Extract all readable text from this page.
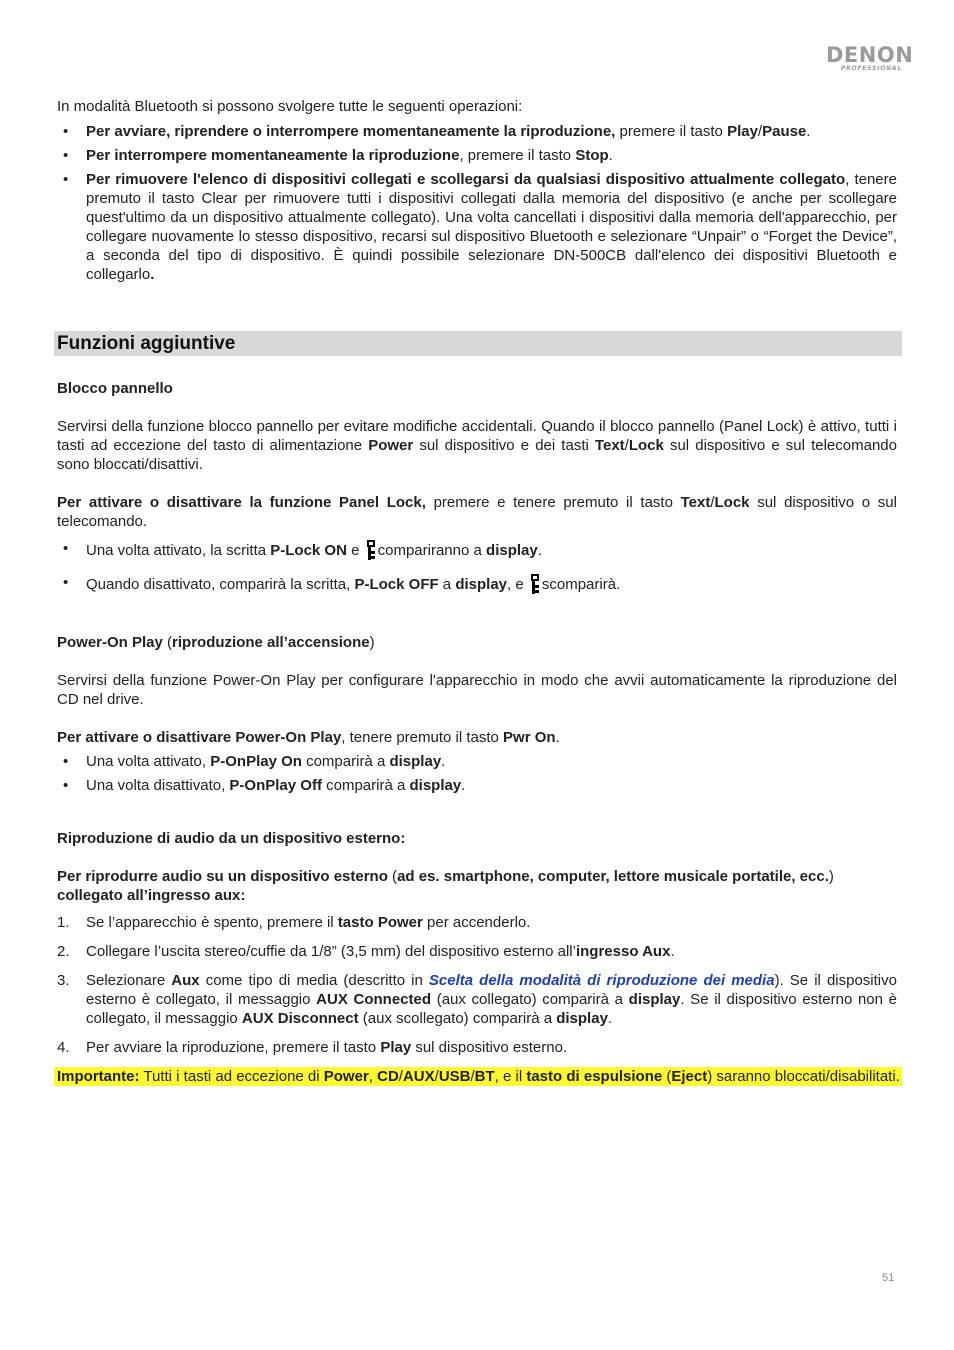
DENON
PROFESSIONAL

In modalità Bluetooth si possono svolgere tutte le seguenti operazioni:

• Per avviare, riprendere o interrompere momentaneamente la riproduzione, premere il tasto Play/Pause.
• Per interrompere momentaneamente la riproduzione, premere il tasto Stop.
• Per rimuovere l'elenco di dispositivi collegati e scollegarsi da qualsiasi dispositivo attualmente collegato, tenere premuto il tasto Clear per rimuovere tutti i dispositivi collegati dalla memoria del dispositivo (e anche per scollegare quest'ultimo da un dispositivo attualmente collegato). Una volta cancellati i dispositivi dalla memoria dell'apparecchio, per collegare nuovamente lo stesso dispositivo, recarsi sul dispositivo Bluetooth e selezionare “Unpair” o “Forget the Device”, a seconda del tipo di dispositivo. È quindi possibile selezionare DN-500CB dall'elenco dei dispositivi Bluetooth e collegarlo.
Funzioni aggiuntive

Blocco pannello

Servirsi della funzione blocco pannello per evitare modifiche accidentali. Quando il blocco pannello (Panel Lock) è attivo, tutti i tasti ad eccezione del tasto di alimentazione Power sul dispositivo e dei tasti Text/Lock sul dispositivo e sul telecomando sono bloccati/disattivi.

Per attivare o disattivare la funzione Panel Lock, premere e tenere premuto il tasto Text/Lock sul dispositivo o sul telecomando.

• Una volta attivato, la scritta P-Lock ON e compariranno a display.
• Quando disattivato, comparirà la scritta, P-Lock OFF a display, e scomparirà.

Power-On Play (riproduzione all’accensione)

Servirsi della funzione Power-On Play per configurare l'apparecchio in modo che avvii automaticamente la riproduzione del CD nel drive.

Per attivare o disattivare Power-On Play, tenere premuto il tasto Pwr On.

• Una volta attivato, P-OnPlay On comparirà a display.
• Una volta disattivato, P-OnPlay Off comparirà a display.

Riproduzione di audio da un dispositivo esterno:

Per riprodurre audio su un dispositivo esterno (ad es. smartphone, computer, lettore musicale portatile, ecc.) collegato all’ingresso aux:

1. Se l’apparecchio è spento, premere il tasto Power per accenderlo.
2. Collegare l’uscita stereo/cuffie da 1/8” (3,5 mm) del dispositivo esterno all’ingresso Aux.
3. Selezionare Aux come tipo di media (descritto in Scelta della modalità di riproduzione dei media). Se il dispositivo esterno è collegato, il messaggio AUX Connected (aux collegato) comparirà a display. Se il dispositivo esterno non è collegato, il messaggio AUX Disconnect (aux scollegato) comparirà a display.
4. Per avviare la riproduzione, premere il tasto Play sul dispositivo esterno.

Importante: Tutti i tasti ad eccezione di Power, CD/AUX/USB/BT, e il tasto di espulsione (Eject) saranno bloccati/disabilitati.

51
